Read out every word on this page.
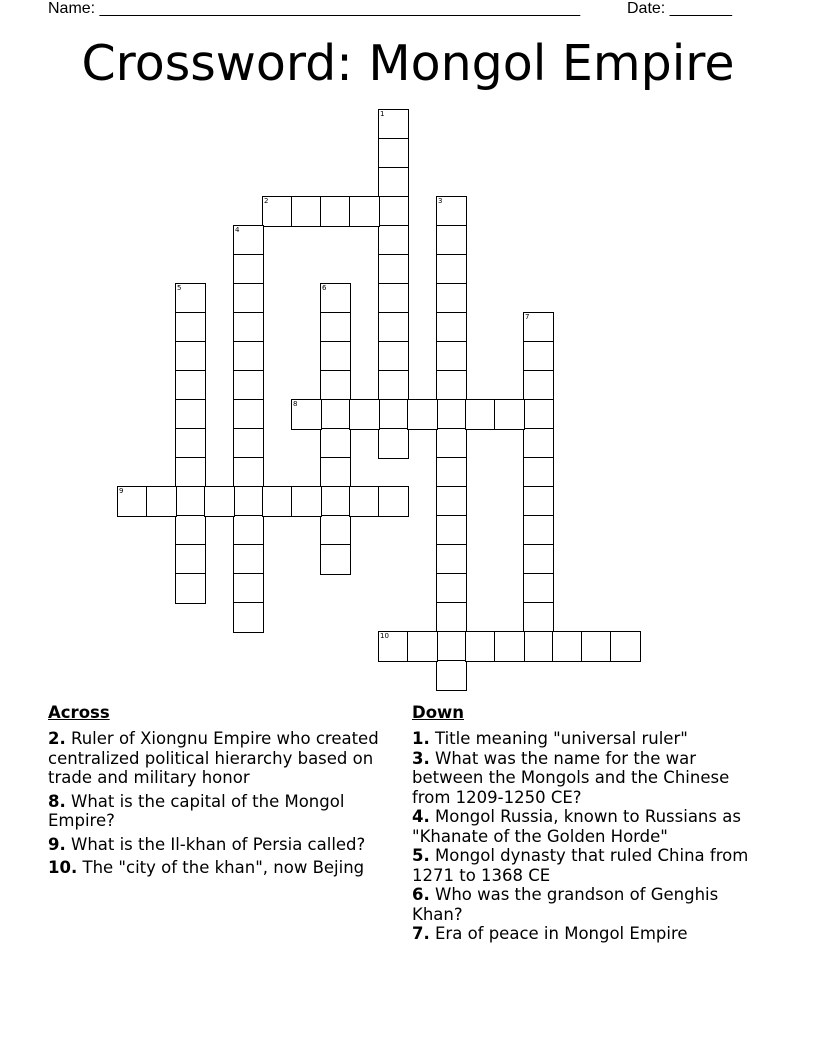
Name: ______________________________________________________	Date: _______
Crossword: Mongol Empire
1
2	3
4
5	6
7
8
9
10
Across
2. Ruler of Xiongnu Empire who created centralized political hierarchy based on trade and military honor
8. What is the capital of the Mongol Empire?
9. What is the Il-khan of Persia called?
10. The "city of the khan", now Bejing
Down
1. Title meaning "universal ruler"
3. What was the name for the war between the Mongols and the Chinese from 1209-1250 CE?
4. Mongol Russia, known to Russians as "Khanate of the Golden Horde"
5. Mongol dynasty that ruled China from 1271 to 1368 CE
6. Who was the grandson of Genghis Khan?
7. Era of peace in Mongol Empire
